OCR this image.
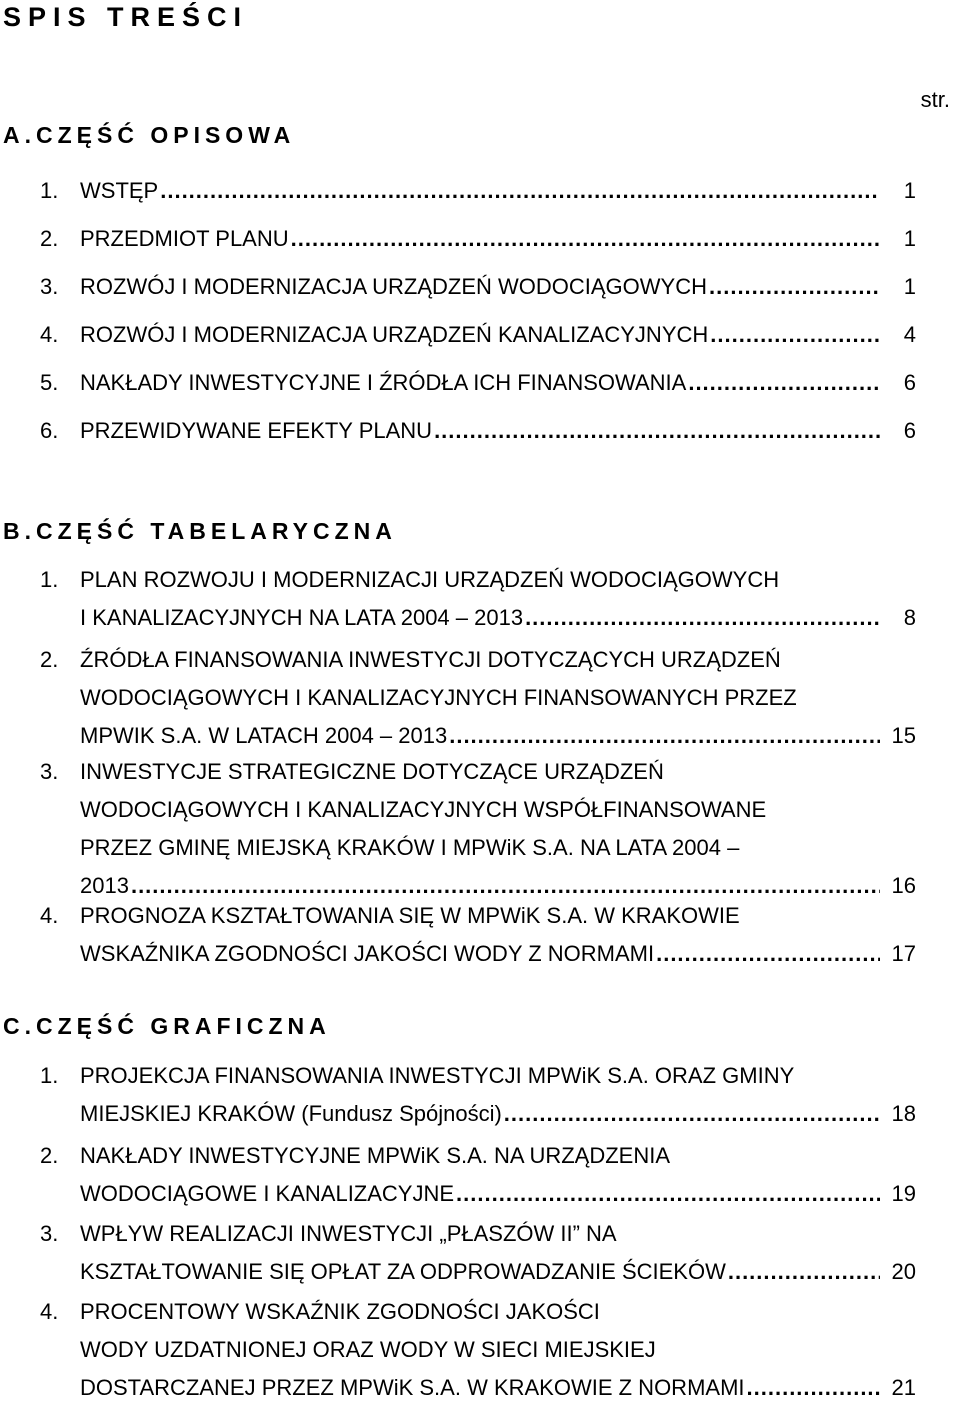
SPIS TREŚCI
str.
A.CZĘŚĆ OPISOWA
1. WSTĘP .....	1
2. PRZEDMIOT PLANU .....	1
3. ROZWÓJ I MODERNIZACJA URZĄDZEŃ WODOCIĄGOWYCH .....	1
4. ROZWÓJ I MODERNIZACJA URZĄDZEŃ KANALIZACYJNYCH .....	4
5. NAKŁADY INWESTYCYJNE I ŹRÓDŁA ICH FINANSOWANIA .....	6
6. PRZEWIDYWANE EFEKTY PLANU .....	6
B.CZĘŚĆ TABELARYCZNA
1. PLAN ROZWOJU I MODERNIZACJI URZĄDZEŃ WODOCIĄGOWYCH
I KANALIZACYJNYCH NA LATA 2004 – 2013 .....	8
2. ŹRÓDŁA FINANSOWANIA INWESTYCJI DOTYCZĄCYCH URZĄDZEŃ
WODOCIĄGOWYCH I KANALIZACYJNYCH FINANSOWANYCH PRZEZ
MPWIK S.A. W LATACH 2004 – 2013 .....	15
3. INWESTYCJE STRATEGICZNE DOTYCZĄCE URZĄDZEŃ
WODOCIĄGOWYCH I KANALIZACYJNYCH WSPÓŁFINANSOWANE
PRZEZ GMINĘ MIEJSKĄ KRAKÓW I MPWiK S.A. NA LATA 2004 –
2013 .....	16
4. PROGNOZA KSZTAŁTOWANIA SIĘ W MPWiK S.A. W KRAKOWIE
WSKAŹNIKA ZGODNOŚCI JAKOŚCI WODY Z NORMAMI .....	17
C.CZĘŚĆ GRAFICZNA
1. PROJEKCJA FINANSOWANIA INWESTYCJI MPWiK S.A. ORAZ GMINY
MIEJSKIEJ KRAKÓW (Fundusz Spójności) .....	18
2. NAKŁADY INWESTYCYJNE MPWiK S.A. NA URZĄDZENIA
WODOCIĄGOWE I KANALIZACYJNE .....	19
3. WPŁYW REALIZACJI INWESTYCJI „PŁASZÓW II” NA
KSZTAŁTOWANIE SIĘ OPŁAT ZA ODPROWADZANIE ŚCIEKÓW .....	20
4. PROCENTOWY WSKAŹNIK ZGODNOŚCI JAKOŚCI
WODY UZDATNIONEJ ORAZ WODY W SIECI MIEJSKIEJ
DOSTARCZANEJ PRZEZ MPWiK S.A. W KRAKOWIE Z NORMAMI .....	21
